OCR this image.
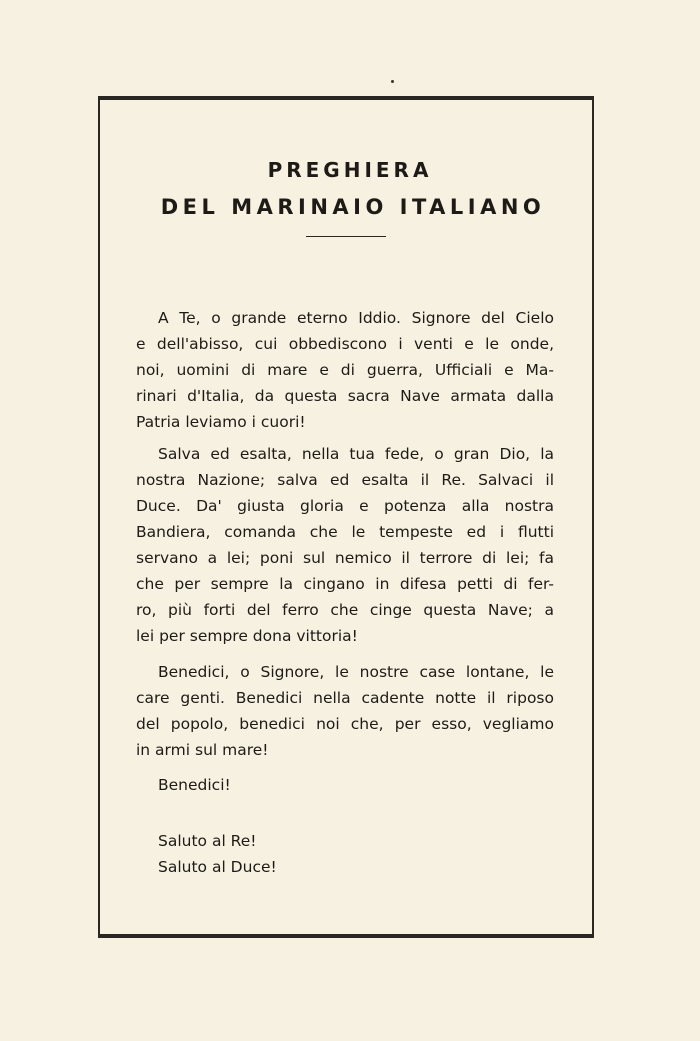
PREGHIERA
DEL MARINAIO ITALIANO
A Te, o grande eterno Iddio. Signore del Cielo
e dell'abisso, cui obbediscono i venti e le onde,
noi, uomini di mare e di guerra, Ufficiali e Ma-
rinari d'Italia, da questa sacra Nave armata dalla
Patria leviamo i cuori!
Salva ed esalta, nella tua fede, o gran Dio, la
nostra Nazione; salva ed esalta il Re. Salvaci il
Duce. Da' giusta gloria e potenza alla nostra
Bandiera, comanda che le tempeste ed i flutti
servano a lei; poni sul nemico il terrore di lei; fa
che per sempre la cingano in difesa petti di fer-
ro, più forti del ferro che cinge questa Nave; a
lei per sempre dona vittoria!
Benedici, o Signore, le nostre case lontane, le
care genti. Benedici nella cadente notte il riposo
del popolo, benedici noi che, per esso, vegliamo
in armi sul mare!
Benedici!
Saluto al Re!
Saluto al Duce!
